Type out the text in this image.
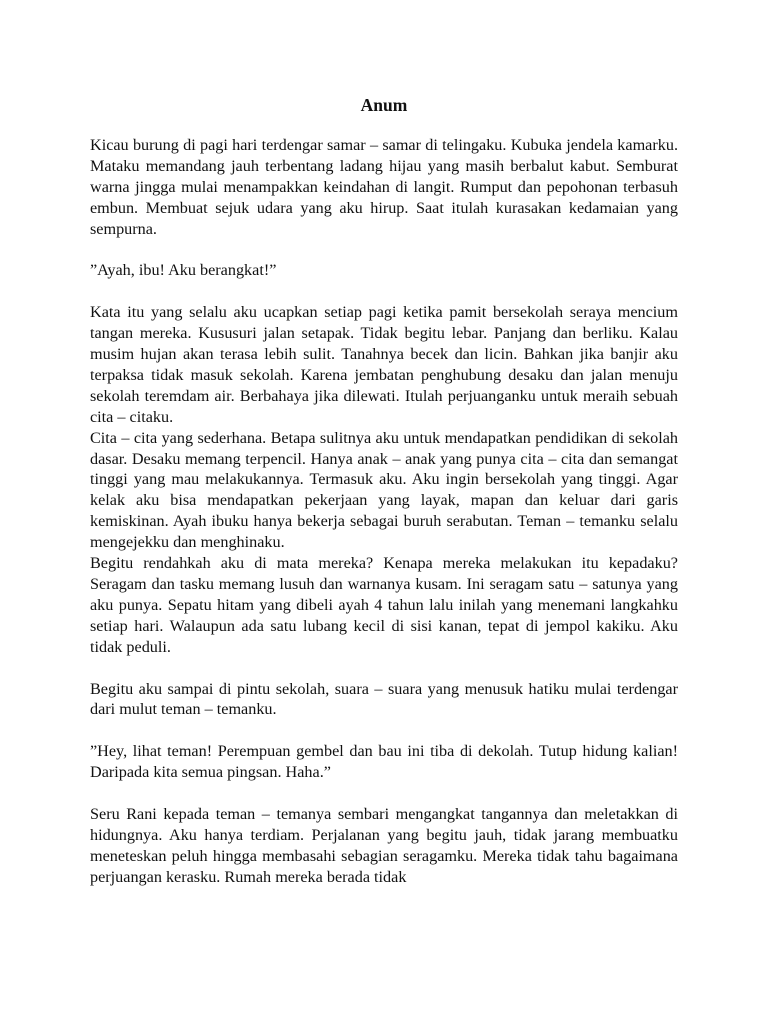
Anum

Kicau burung di pagi hari terdengar samar – samar di telingaku. Kubuka jendela kamarku. Mataku memandang jauh terbentang ladang hijau yang masih berbalut kabut. Semburat warna jingga mulai menampakkan keindahan di langit. Rumput dan pepohonan terbasuh embun. Membuat sejuk udara yang aku hirup. Saat itulah kurasakan kedamaian yang sempurna.

”Ayah, ibu! Aku berangkat!”

Kata itu yang selalu aku ucapkan setiap pagi ketika pamit bersekolah seraya mencium tangan mereka. Kususuri jalan setapak. Tidak begitu lebar. Panjang dan berliku. Kalau musim hujan akan terasa lebih sulit. Tanahnya becek dan licin. Bahkan jika banjir aku terpaksa tidak masuk sekolah. Karena jembatan penghubung desaku dan jalan menuju sekolah teremdam air. Berbahaya jika dilewati. Itulah perjuanganku untuk meraih sebuah cita – citaku.

Cita – cita yang sederhana. Betapa sulitnya aku untuk mendapatkan pendidikan di sekolah dasar. Desaku memang terpencil. Hanya anak – anak yang punya cita – cita dan semangat tinggi yang mau melakukannya. Termasuk aku. Aku ingin bersekolah yang tinggi. Agar kelak aku bisa mendapatkan pekerjaan yang layak, mapan dan keluar dari garis kemiskinan. Ayah ibuku hanya bekerja sebagai buruh serabutan. Teman – temanku selalu mengejekku dan menghinaku.

Begitu rendahkah aku di mata mereka? Kenapa mereka melakukan itu kepadaku? Seragam dan tasku memang lusuh dan warnanya kusam. Ini seragam satu – satunya yang aku punya. Sepatu hitam yang dibeli ayah 4 tahun lalu inilah yang menemani langkahku setiap hari. Walaupun ada satu lubang kecil di sisi kanan, tepat di jempol kakiku. Aku tidak peduli.

Begitu aku sampai di pintu sekolah, suara – suara yang menusuk hatiku mulai terdengar dari mulut teman – temanku.

”Hey, lihat teman! Perempuan gembel dan bau ini tiba di dekolah. Tutup hidung kalian! Daripada kita semua pingsan. Haha.”

Seru Rani kepada teman – temanya sembari mengangkat tangannya dan meletakkan di hidungnya. Aku hanya terdiam. Perjalanan yang begitu jauh, tidak jarang membuatku meneteskan peluh hingga membasahi sebagian seragamku. Mereka tidak tahu bagaimana perjuangan kerasku. Rumah mereka berada tidak
